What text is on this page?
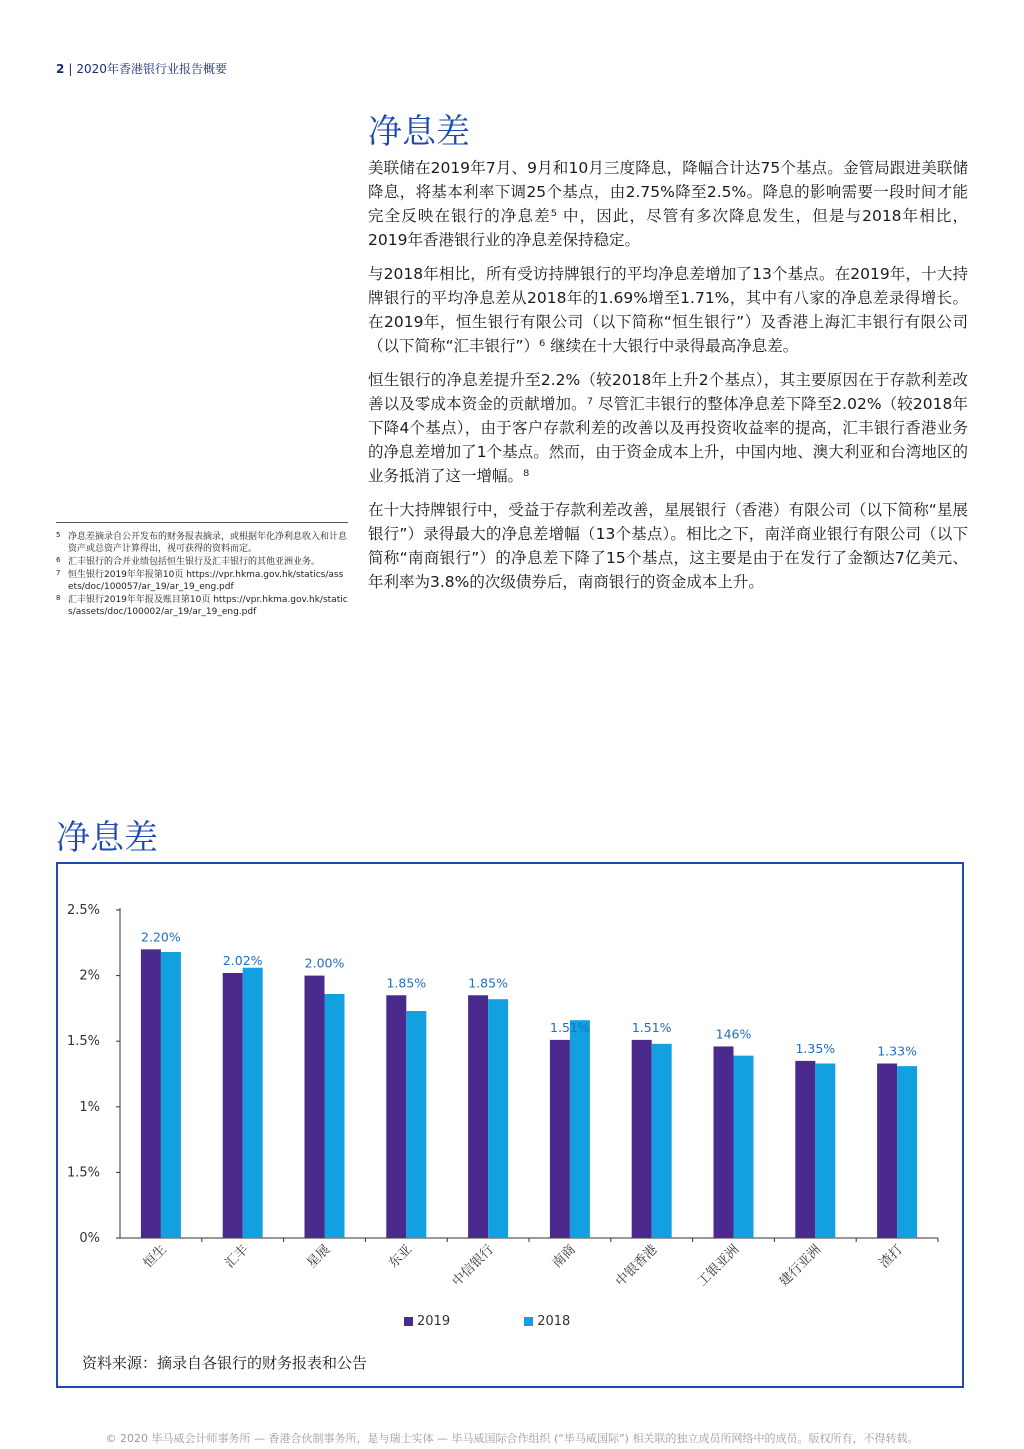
2 | 2020年香港银行业报告概要
净息差

美联储在2019年7月、9月和10月三度降息，降幅合计达75个基点。金管局跟进美联储降息，将基本利率下调25个基点，由2.75%降至2.5%。降息的影响需要一段时间才能完全反映在银行的净息差⁵ 中，因此，尽管有多次降息发生，但是与2018年相比，2019年香港银行业的净息差保持稳定。

与2018年相比，所有受访持牌银行的平均净息差增加了13个基点。在2019年，十大持牌银行的平均净息差从2018年的1.69%增至1.71%，其中有八家的净息差录得增长。在2019年，恒生银行有限公司（以下简称“恒生银行”）及香港上海汇丰银行有限公司（以下简称“汇丰银行”）⁶ 继续在十大银行中录得最高净息差。

恒生银行的净息差提升至2.2%（较2018年上升2个基点），其主要原因在于存款利差改善以及零成本资金的贡献增加。⁷ 尽管汇丰银行的整体净息差下降至2.02%（较2018年下降4个基点），由于客户存款利差的改善以及再投资收益率的提高，汇丰银行香港业务的净息差增加了1个基点。然而，由于资金成本上升，中国内地、澳大利亚和台湾地区的业务抵消了这一增幅。⁸

在十大持牌银行中，受益于存款利差改善，星展银行（香港）有限公司（以下简称“星展银行”）录得最大的净息差增幅（13个基点）。相比之下，南洋商业银行有限公司（以下简称“南商银行”）的净息差下降了15个基点，这主要是由于在发行了金额达7亿美元、年利率为3.8%的次级债券后，南商银行的资金成本上升。

5 净息差摘录自公开发布的财务报表摘录，或根据年化净利息收入和计息资产或总资产计算得出，视可获得的资料而定。
6 汇丰银行的合并业绩包括恒生银行及汇丰银行的其他亚洲业务。
7 恒生银行2019年年报第10页 https://vpr.hkma.gov.hk/statics/assets/doc/100057/ar_19/ar_19_eng.pdf
8 汇丰银行2019年年报及账目第10页 https://vpr.hkma.gov.hk/statics/assets/doc/100002/ar_19/ar_19_eng.pdf
净息差
0%
1.5%
1%
1.5%
2%
2.5%
2.20%
恒生
2.02%
汇丰
2.00%
星展
1.85%
东亚
1.85%
中信银行
1.51%
南商
1.51%
中银香港
146%
工银亚洲
1.35%
建行亚洲
1.33%
渣打
2019	2018
资料来源：摘录自各银行的财务报表和公告
© 2020 毕马威会计师事务所 — 香港合伙制事务所，是与瑞士实体 — 毕马威国际合作组织 (“毕马威国际”) 相关联的独立成员所网络中的成员。版权所有，不得转载。
